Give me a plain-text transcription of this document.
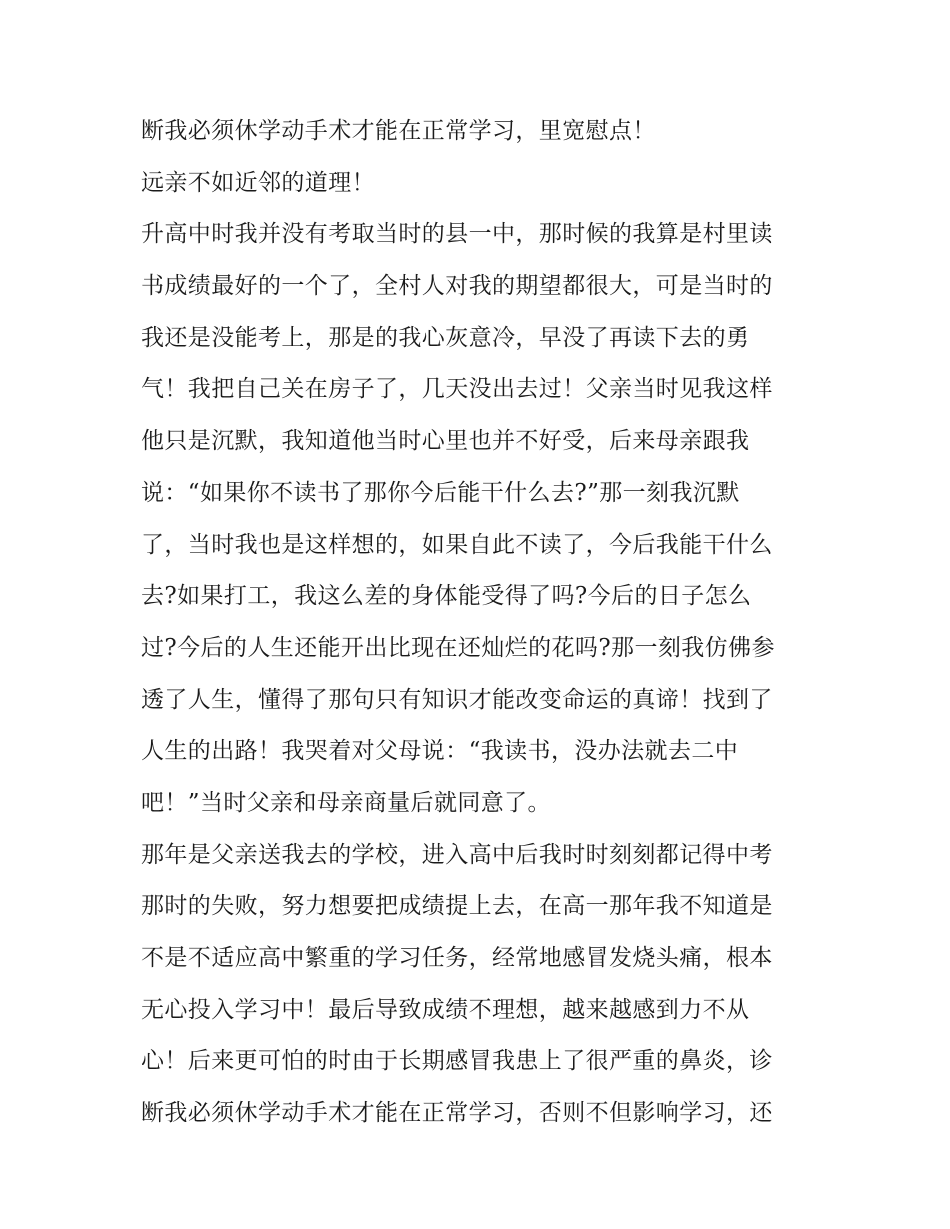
断我必须休学动手术才能在正常学习，里宽慰点！
远亲不如近邻的道理！
升高中时我并没有考取当时的县一中，那时候的我算是村里读
书成绩最好的一个了，全村人对我的期望都很大，可是当时的
我还是没能考上，那是的我心灰意冷，早没了再读下去的勇
气！我把自己关在房子了，几天没出去过！父亲当时见我这样
他只是沉默，我知道他当时心里也并不好受，后来母亲跟我
说：“如果你不读书了那你今后能干什么去?”那一刻我沉默
了，当时我也是这样想的，如果自此不读了，今后我能干什么
去?如果打工，我这么差的身体能受得了吗?今后的日子怎么
过?今后的人生还能开出比现在还灿烂的花吗?那一刻我仿佛参
透了人生，懂得了那句只有知识才能改变命运的真谛！找到了
人生的出路！我哭着对父母说：“我读书，没办法就去二中
吧！”当时父亲和母亲商量后就同意了。
那年是父亲送我去的学校，进入高中后我时时刻刻都记得中考
那时的失败，努力想要把成绩提上去，在高一那年我不知道是
不是不适应高中繁重的学习任务，经常地感冒发烧头痛，根本
无心投入学习中！最后导致成绩不理想，越来越感到力不从
心！后来更可怕的时由于长期感冒我患上了很严重的鼻炎，诊
断我必须休学动手术才能在正常学习，否则不但影响学习，还
